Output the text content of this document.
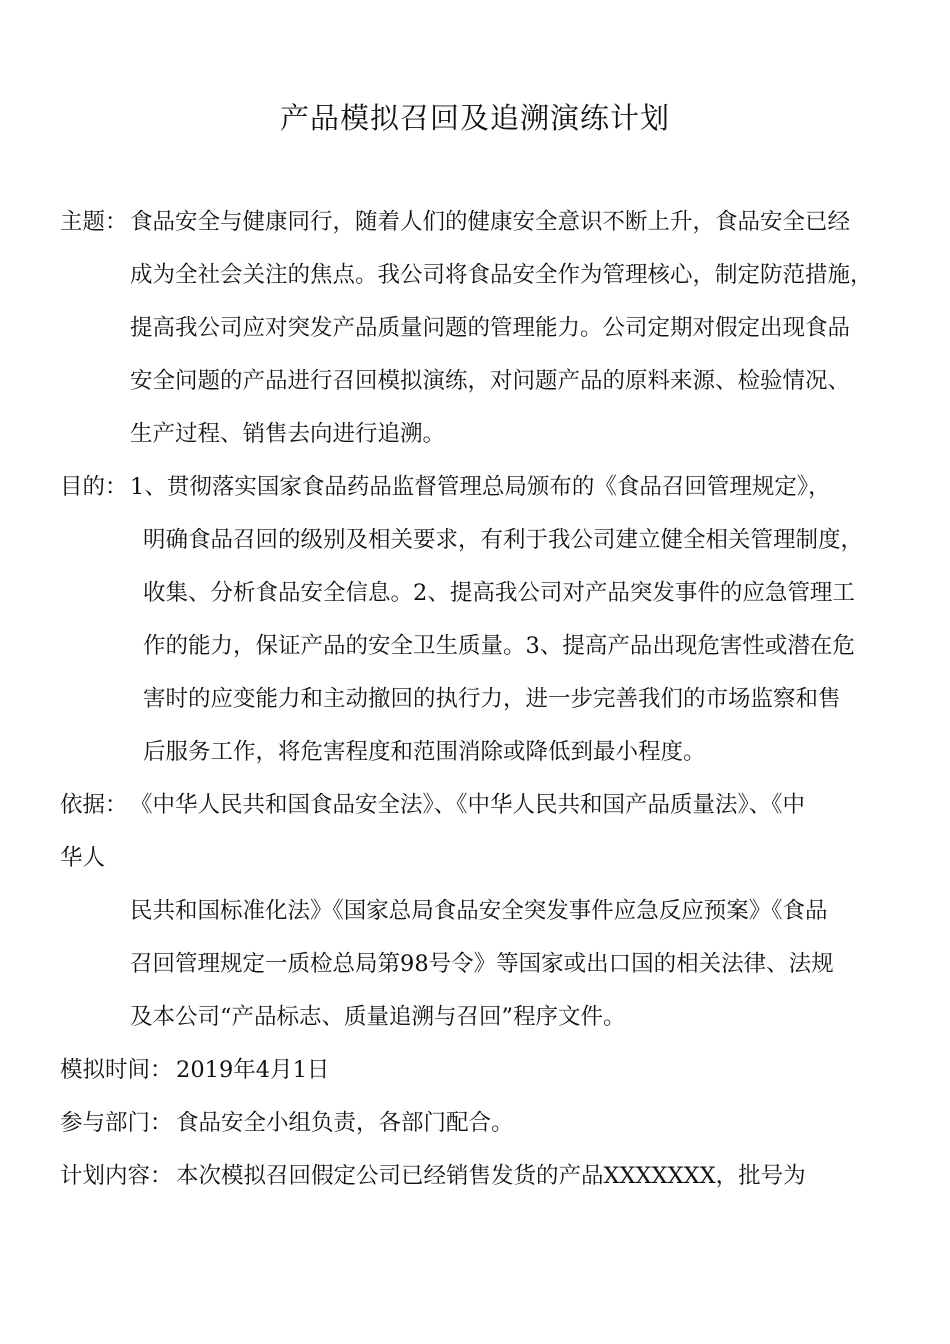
产品模拟召回及追溯演练计划
主题： 食品安全与健康同行，随着人们的健康安全意识不断上升，食品安全已经
成为全社会关注的焦点。我公司将食品安全作为管理核心，制定防范措施，
提高我公司应对突发产品质量问题的管理能力。公司定期对假定出现食品
安全问题的产品进行召回模拟演练，对问题产品的原料来源、检验情况、
生产过程、销售去向进行追溯。
目的： 1、贯彻落实国家食品药品监督管理总局颁布的《食品召回管理规定》，
明确食品召回的级别及相关要求，有利于我公司建立健全相关管理制度，
收集、分析食品安全信息。2、提高我公司对产品突发事件的应急管理工
作的能力，保证产品的安全卫生质量。3、提高产品出现危害性或潜在危
害时的应变能力和主动撤回的执行力，进一步完善我们的市场监察和售
后服务工作，将危害程度和范围消除或降低到最小程度。
依据： 《中华人民共和国食品安全法》、《中华人民共和国产品质量法》、《中
华人
民共和国标准化法》《国家总局食品安全突发事件应急反应预案》《食品
召回管理规定一质检总局第98号令》等国家或出口国的相关法律、法规
及本公司“产品标志、质量追溯与召回”程序文件。
模拟时间： 2019年4月1日
参与部门： 食品安全小组负责，各部门配合。
计划内容： 本次模拟召回假定公司已经销售发货的产品XXXXXXX，批号为
